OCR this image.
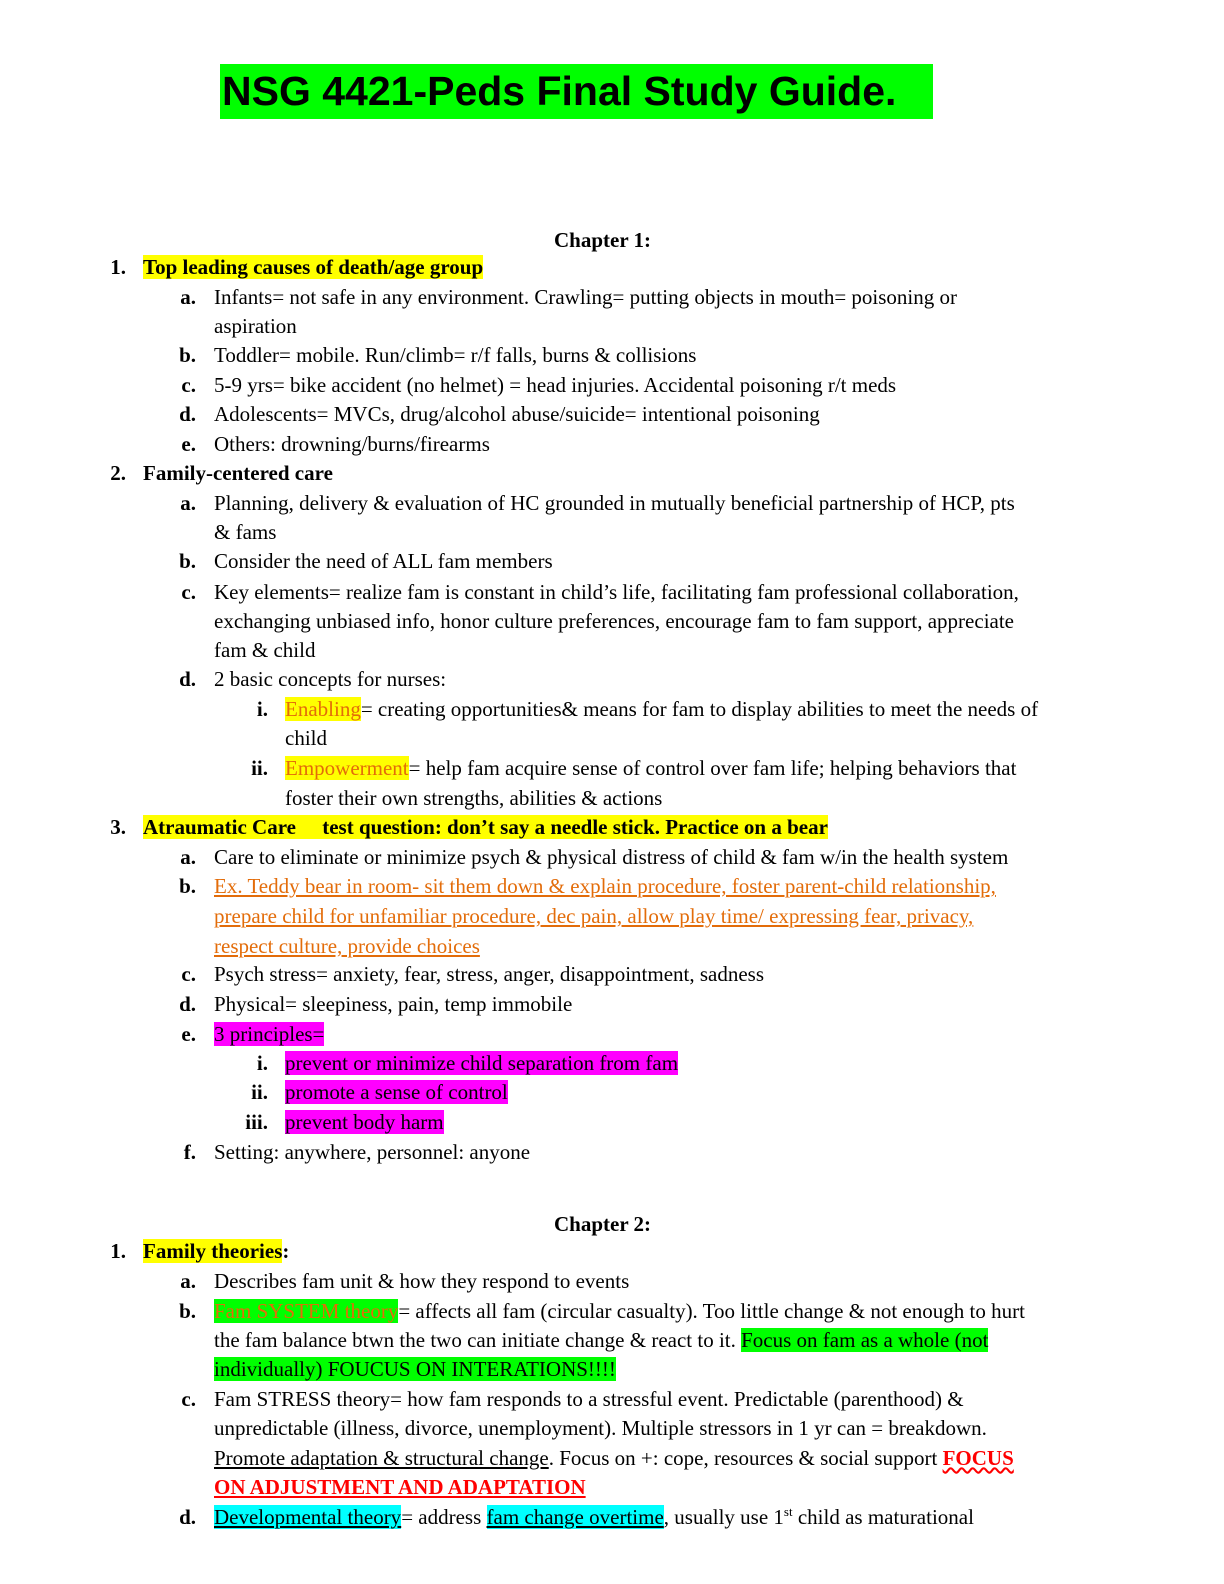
NSG 4421-Peds Final Study Guide.
Chapter 1:
1. Top leading causes of death/age group
a. Infants= not safe in any environment. Crawling= putting objects in mouth= poisoning or
aspiration
b. Toddler= mobile. Run/climb= r/f falls, burns & collisions
c. 5-9 yrs= bike accident (no helmet) = head injuries. Accidental poisoning r/t meds
d. Adolescents= MVCs, drug/alcohol abuse/suicide= intentional poisoning
e. Others: drowning/burns/firearms
2. Family-centered care
a. Planning, delivery & evaluation of HC grounded in mutually beneficial partnership of HCP, pts
& fams
b. Consider the need of ALL fam members
c. Key elements= realize fam is constant in child’s life, facilitating fam professional collaboration,
exchanging unbiased info, honor culture preferences, encourage fam to fam support, appreciate
fam & child
d. 2 basic concepts for nurses:
i. Enabling= creating opportunities& means for fam to display abilities to meet the needs of
child
ii. Empowerment= help fam acquire sense of control over fam life; helping behaviors that
foster their own strengths, abilities & actions
3. Atraumatic Care     test question: don’t say a needle stick. Practice on a bear
a. Care to eliminate or minimize psych & physical distress of child & fam w/in the health system
b. Ex. Teddy bear in room- sit them down & explain procedure, foster parent-child relationship,
prepare child for unfamiliar procedure, dec pain, allow play time/ expressing fear, privacy,
respect culture, provide choices
c. Psych stress= anxiety, fear, stress, anger, disappointment, sadness
d. Physical= sleepiness, pain, temp immobile
e. 3 principles=
i. prevent or minimize child separation from fam
ii. promote a sense of control
iii. prevent body harm
f. Setting: anywhere, personnel: anyone
Chapter 2:
1. Family theories:
a. Describes fam unit & how they respond to events
b. Fam SYSTEM theory= affects all fam (circular casualty). Too little change & not enough to hurt
the fam balance btwn the two can initiate change & react to it. Focus on fam as a whole (not
individually) FOUCUS ON INTERATIONS!!!!
c. Fam STRESS theory= how fam responds to a stressful event. Predictable (parenthood) &
unpredictable (illness, divorce, unemployment). Multiple stressors in 1 yr can = breakdown.
Promote adaptation & structural change. Focus on +: cope, resources & social support FOCUS
ON ADJUSTMENT AND ADAPTATION
d. Developmental theory= address fam change overtime, usually use 1st child as maturational
